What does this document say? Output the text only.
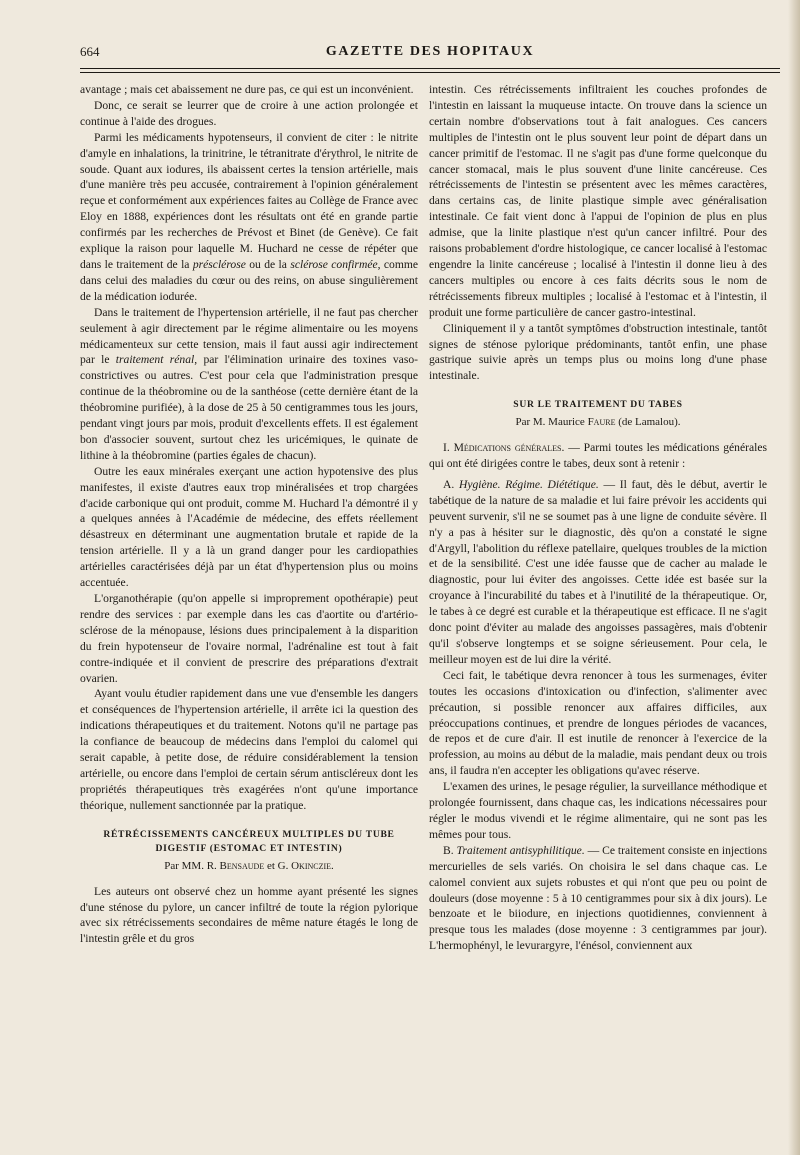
664	GAZETTE DES HOPITAUX

avantage ; mais cet abaissement ne dure pas, ce qui est un inconvénient.

Donc, ce serait se leurrer que de croire à une action prolongée et continue à l'aide des drogues.

Parmi les médicaments hypotenseurs, il convient de citer : le nitrite d'amyle en inhalations, la trinitrine, le tétranitrate d'érythrol, le nitrite de soude. Quant aux iodures, ils abaissent certes la tension artérielle, mais d'une manière très peu accusée, contrairement à l'opinion généralement reçue et conformément aux expériences faites au Collège de France avec Eloy en 1888, expériences dont les résultats ont été en grande partie confirmés par les recherches de Prévost et Binet (de Genève). Ce fait explique la raison pour laquelle M. Huchard ne cesse de répéter que dans le traitement de la présclérose ou de la sclérose confirmée, comme dans celui des maladies du cœur ou des reins, on abuse singulièrement de la médication iodurée.

Dans le traitement de l'hypertension artérielle, il ne faut pas chercher seulement à agir directement par le régime alimentaire ou les moyens médicamenteux sur cette tension, mais il faut aussi agir indirectement par le traitement rénal, par l'élimination urinaire des toxines vaso-constrictives ou autres. C'est pour cela que l'administration presque continue de la théobromine ou de la santhéose (cette dernière étant de la théobromine purifiée), à la dose de 25 à 50 centigrammes tous les jours, pendant vingt jours par mois, produit d'excellents effets. Il est également bon d'associer souvent, surtout chez les uricémiques, le quinate de lithine à la théobromine (parties égales de chacun).

Outre les eaux minérales exerçant une action hypotensive des plus manifestes, il existe d'autres eaux trop minéralisées et trop chargées d'acide carbonique qui ont produit, comme M. Huchard l'a démontré il y a quelques années à l'Académie de médecine, des effets réellement désastreux en déterminant une augmentation brutale et rapide de la tension artérielle. Il y a là un grand danger pour les cardiopathies artérielles caractérisées déjà par un état d'hypertension plus ou moins accentuée.

L'organothérapie (qu'on appelle si improprement opothérapie) peut rendre des services : par exemple dans les cas d'aortite ou d'artério-sclérose de la ménopause, lésions dues principalement à la disparition du frein hypotenseur de l'ovaire normal, l'adrénaline est tout à fait contre-indiquée et il convient de prescrire des préparations d'extrait ovarien.

Ayant voulu étudier rapidement dans une vue d'ensemble les dangers et conséquences de l'hypertension artérielle, il arrête ici la question des indications thérapeutiques et du traitement. Notons qu'il ne partage pas la confiance de beaucoup de médecins dans l'emploi du calomel qui serait capable, à petite dose, de réduire considérablement la tension artérielle, ou encore dans l'emploi de certain sérum antiscléreux dont les propriétés thérapeutiques très exagérées n'ont qu'une importance théorique, nullement sanctionnée par la pratique.

RÉTRÉCISSEMENTS CANCÉREUX MULTIPLES DU TUBE DIGESTIF (ESTOMAC ET INTESTIN)
Par MM. R. Bensaude et G. Okinczie.

Les auteurs ont observé chez un homme ayant présenté les signes d'une sténose du pylore, un cancer infiltré de toute la région pylorique avec six rétrécissements secondaires de même nature étagés le long de l'intestin grêle et du gros

intestin. Ces rétrécissements infiltraient les couches profondes de l'intestin en laissant la muqueuse intacte. On trouve dans la science un certain nombre d'observations tout à fait analogues. Ces cancers multiples de l'intestin ont le plus souvent leur point de départ dans un cancer primitif de l'estomac. Il ne s'agit pas d'une forme quelconque du cancer stomacal, mais le plus souvent d'une linite cancéreuse. Ces rétrécissements de l'intestin se présentent avec les mêmes caractères, dans certains cas, de linite plastique simple avec généralisation intestinale. Ce fait vient donc à l'appui de l'opinion de plus en plus admise, que la linite plastique n'est qu'un cancer infiltré. Pour des raisons probablement d'ordre histologique, ce cancer localisé à l'estomac engendre la linite cancéreuse ; localisé à l'intestin il donne lieu à des cancers multiples ou encore à ces faits décrits sous le nom de rétrécissements fibreux multiples ; localisé à l'estomac et à l'intestin, il produit une forme particulière de cancer gastro-intestinal.

Cliniquement il y a tantôt symptômes d'obstruction intestinale, tantôt signes de sténose pylorique prédominants, tantôt enfin, une phase gastrique suivie après un temps plus ou moins long d'une phase intestinale.

SUR LE TRAITEMENT DU TABES
Par M. Maurice Faure (de Lamalou).

I. Médications générales. — Parmi toutes les médications générales qui ont été dirigées contre le tabes, deux sont à retenir :

A. Hygiène. Régime. Diététique. — Il faut, dès le début, avertir le tabétique de la nature de sa maladie et lui faire prévoir les accidents qui peuvent survenir, s'il ne se soumet pas à une ligne de conduite sévère. Il n'y a pas à hésiter sur le diagnostic, dès qu'on a constaté le signe d'Argyll, l'abolition du réflexe patellaire, quelques troubles de la miction et de la sensibilité. C'est une idée fausse que de cacher au malade le diagnostic, pour lui éviter des angoisses. Cette idée est basée sur la croyance à l'incurabilité du tabes et à l'inutilité de la thérapeutique. Or, le tabes à ce degré est curable et la thérapeutique est efficace. Il ne s'agit donc point d'éviter au malade des angoisses passagères, mais d'obtenir qu'il s'observe longtemps et se soigne sérieusement. Pour cela, le meilleur moyen est de lui dire la vérité.

Ceci fait, le tabétique devra renoncer à tous les surmenages, éviter toutes les occasions d'intoxication ou d'infection, s'alimenter avec précaution, si possible renoncer aux affaires difficiles, aux préoccupations continues, et prendre de longues périodes de vacances, de repos et de cure d'air. Il est inutile de renoncer à l'exercice de la profession, au moins au début de la maladie, mais pendant deux ou trois ans, il faudra n'en accepter les obligations qu'avec réserve.

L'examen des urines, le pesage régulier, la surveillance méthodique et prolongée fournissent, dans chaque cas, les indications nécessaires pour régler le modus vivendi et le régime alimentaire, qui ne sont pas les mêmes pour tous.

B. Traitement antisyphilitique. — Ce traitement consiste en injections mercurielles de sels variés. On choisira le sel dans chaque cas. Le calomel convient aux sujets robustes et qui n'ont que peu ou point de douleurs (dose moyenne : 5 à 10 centigrammes pour six à dix jours). Le benzoate et le biiodure, en injections quotidiennes, conviennent à presque tous les malades (dose moyenne : 3 centigrammes par jour). L'hermophényl, le levurargyre, l'énésol, conviennent aux
